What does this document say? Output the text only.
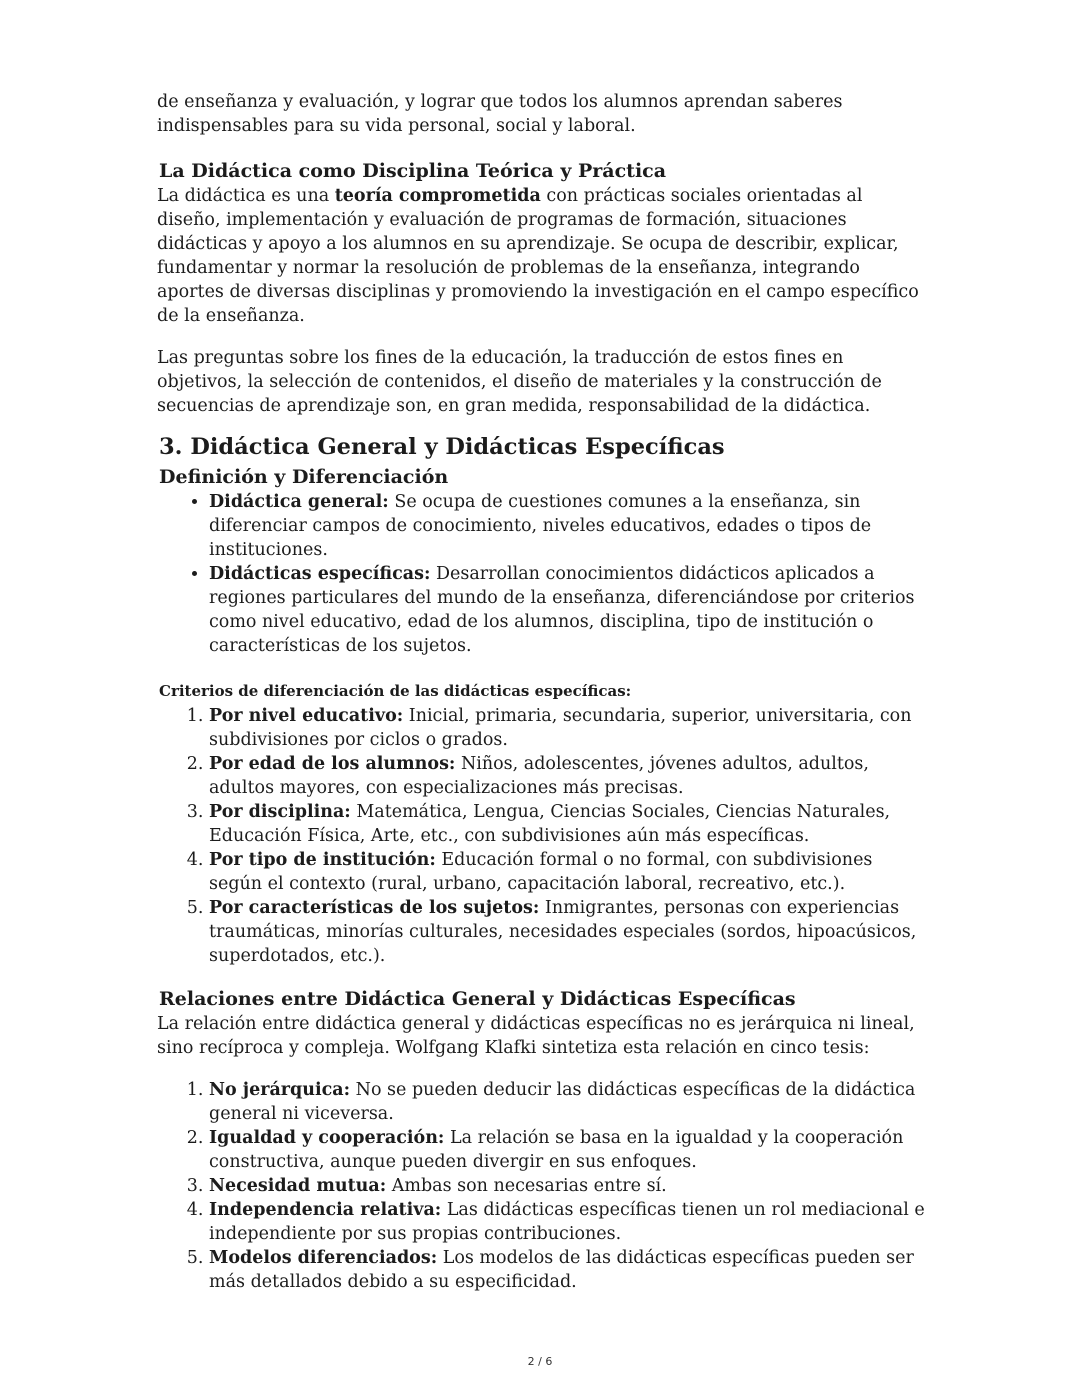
de enseñanza y evaluación, y lograr que todos los alumnos aprendan saberes indispensables para su vida personal, social y laboral.

La Didáctica como Disciplina Teórica y Práctica

La didáctica es una teoría comprometida con prácticas sociales orientadas al diseño, implementación y evaluación de programas de formación, situaciones didácticas y apoyo a los alumnos en su aprendizaje. Se ocupa de describir, explicar, fundamentar y normar la resolución de problemas de la enseñanza, integrando aportes de diversas disciplinas y promoviendo la investigación en el campo específico de la enseñanza.

Las preguntas sobre los fines de la educación, la traducción de estos fines en objetivos, la selección de contenidos, el diseño de materiales y la construcción de secuencias de aprendizaje son, en gran medida, responsabilidad de la didáctica.

3. Didáctica General y Didácticas Específicas
Definición y Diferenciación
• Didáctica general: Se ocupa de cuestiones comunes a la enseñanza, sin diferenciar campos de conocimiento, niveles educativos, edades o tipos de instituciones.
• Didácticas específicas: Desarrollan conocimientos didácticos aplicados a regiones particulares del mundo de la enseñanza, diferenciándose por criterios como nivel educativo, edad de los alumnos, disciplina, tipo de institución o características de los sujetos.
Criterios de diferenciación de las didácticas específicas:
1. Por nivel educativo: Inicial, primaria, secundaria, superior, universitaria, con subdivisiones por ciclos o grados.
2. Por edad de los alumnos: Niños, adolescentes, jóvenes adultos, adultos, adultos mayores, con especializaciones más precisas.
3. Por disciplina: Matemática, Lengua, Ciencias Sociales, Ciencias Naturales, Educación Física, Arte, etc., con subdivisiones aún más específicas.
4. Por tipo de institución: Educación formal o no formal, con subdivisiones según el contexto (rural, urbano, capacitación laboral, recreativo, etc.).
5. Por características de los sujetos: Inmigrantes, personas con experiencias traumáticas, minorías culturales, necesidades especiales (sordos, hipoacúsicos, superdotados, etc.).
Relaciones entre Didáctica General y Didácticas Específicas

La relación entre didáctica general y didácticas específicas no es jerárquica ni lineal, sino recíproca y compleja. Wolfgang Klafki sintetiza esta relación en cinco tesis:

1. No jerárquica: No se pueden deducir las didácticas específicas de la didáctica general ni viceversa.
2. Igualdad y cooperación: La relación se basa en la igualdad y la cooperación constructiva, aunque pueden divergir en sus enfoques.
3. Necesidad mutua: Ambas son necesarias entre sí.
4. Independencia relativa: Las didácticas específicas tienen un rol mediacional e independiente por sus propias contribuciones.
5. Modelos diferenciados: Los modelos de las didácticas específicas pueden ser más detallados debido a su especificidad.
2 / 6
